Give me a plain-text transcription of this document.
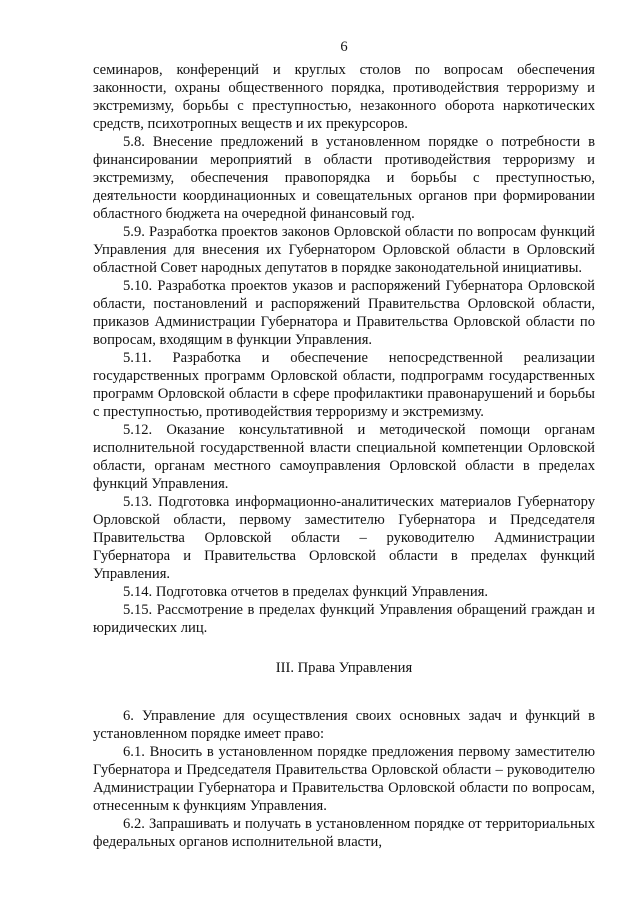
6

семинаров, конференций и круглых столов по вопросам обеспечения законности, охраны общественного порядка, противодействия терроризму и экстремизму, борьбы с преступностью, незаконного оборота наркотических средств, психотропных веществ и их прекурсоров.

5.8. Внесение предложений в установленном порядке о потребности в финансировании мероприятий в области противодействия терроризму и экстремизму, обеспечения правопорядка и борьбы с преступностью, деятельности координационных и совещательных органов при формировании областного бюджета на очередной финансовый год.

5.9. Разработка проектов законов Орловской области по вопросам функций Управления для внесения их Губернатором Орловской области в Орловский областной Совет народных депутатов в порядке законодательной инициативы.

5.10. Разработка проектов указов и распоряжений Губернатора Орловской области, постановлений и распоряжений Правительства Орловской области, приказов Администрации Губернатора и Правительства Орловской области по вопросам, входящим в функции Управления.

5.11. Разработка и обеспечение непосредственной реализации государственных программ Орловской области, подпрограмм государственных программ Орловской области в сфере профилактики правонарушений и борьбы с преступностью, противодействия терроризму и экстремизму.

5.12. Оказание консультативной и методической помощи органам исполнительной государственной власти специальной компетенции Орловской области, органам местного самоуправления Орловской области в пределах функций Управления.

5.13. Подготовка информационно-аналитических материалов Губернатору Орловской области, первому заместителю Губернатора и Председателя Правительства Орловской области – руководителю Администрации Губернатора и Правительства Орловской области в пределах функций Управления.

5.14. Подготовка отчетов в пределах функций Управления.

5.15. Рассмотрение в пределах функций Управления обращений граждан и юридических лиц.

III. Права Управления

6. Управление для осуществления своих основных задач и функций в установленном порядке имеет право:

6.1. Вносить в установленном порядке предложения первому заместителю Губернатора и Председателя Правительства Орловской области – руководителю Администрации Губернатора и Правительства Орловской области по вопросам, отнесенным к функциям Управления.

6.2. Запрашивать и получать в установленном порядке от территориальных федеральных органов исполнительной власти,
